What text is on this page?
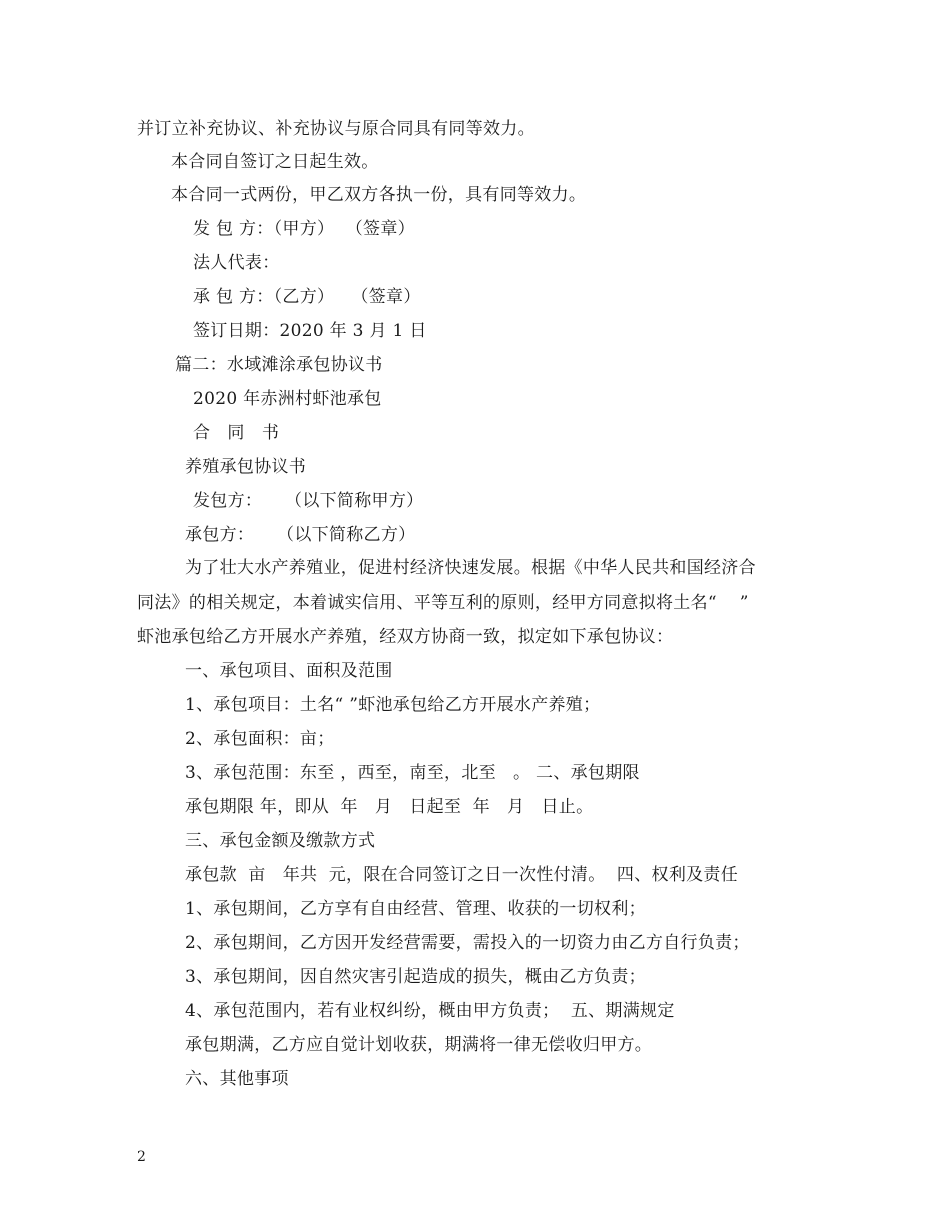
并订立补充协议、补充协议与原合同具有同等效力。
本合同自签订之日起生效。
本合同一式两份，甲乙双方各执一份，具有同等效力。
发 包 方：（甲方）  （签章）
法人代表：
承 包 方：（乙方）   （签章）
签订日期：2020 年 3 月 1 日
篇二：水域滩涂承包协议书
2020 年赤洲村虾池承包
合   同   书
养殖承包协议书
发包方：    （以下简称甲方）
承包方：    （以下简称乙方）
为了壮大水产养殖业，促进村经济快速发展。根据《中华人民共和国经济合
同法》的相关规定，本着诚实信用、平等互利的原则，经甲方同意拟将土名“    ”
虾池承包给乙方开展水产养殖，经双方协商一致，拟定如下承包协议：
一、承包项目、面积及范围
1、承包项目：土名“ ”虾池承包给乙方开展水产养殖；
2、承包面积：亩；
3、承包范围：东至 ，西至，南至，北至   。 二、承包期限
承包期限 年，即从  年   月   日起至  年   月   日止。
三、承包金额及缴款方式
承包款  亩   年共  元，限在合同签订之日一次性付清。  四、权利及责任
1、承包期间，乙方享有自由经营、管理、收获的一切权利；
2、承包期间，乙方因开发经营需要，需投入的一切资力由乙方自行负责；
3、承包期间，因自然灾害引起造成的损失，概由乙方负责；
4、承包范围内，若有业权纠纷，概由甲方负责；  五、期满规定
承包期满，乙方应自觉计划收获，期满将一律无偿收归甲方。
六、其他事项
2
